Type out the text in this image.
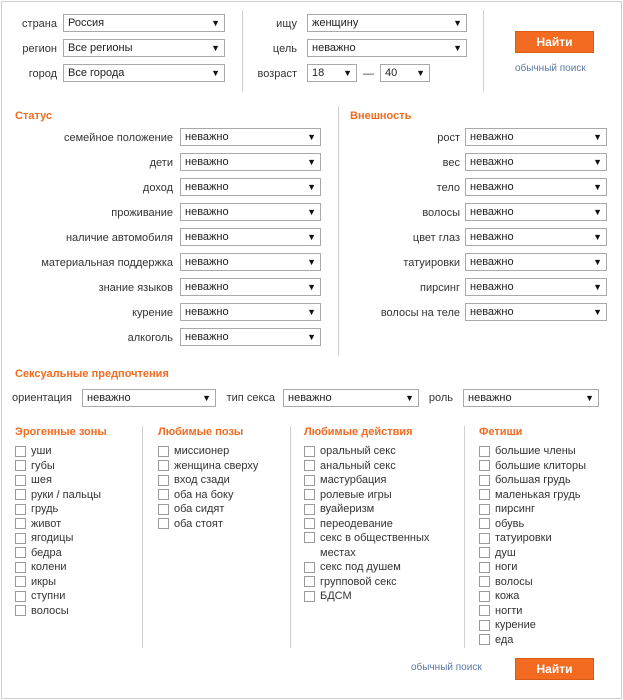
страна	Россия	▼
регион	Все регионы	▼
город	Все города	▼
ищу	женщину	▼
цель	неважно	▼
возраст	18 ▼ —	40 ▼
Найти
обычный поиск
Статус	Внешность
Сексуальные предпочтения
ориентация	неважно	▼ тип секса	неважно	▼ роль	неважно	▼
Эрогенные зоны
уши
губы
шея
руки / пальцы
грудь
живот
ягодицы
бедра
колени
икры
ступни
волосы
Любимые позы
миссионер
женщина сверху
вход сзади
оба на боку
оба сидят
оба стоят
Любимые действия
оральный секс
анальный секс
мастурбация
ролевые игры
вуайеризм
переодевание
секс в общественных местах
секс под душем
групповой секс
БДСМ
Фетиши
большие члены
большие клиторы
большая грудь
маленькая грудь
пирсинг
обувь
татуировки
душ
ноги
волосы
кожа
ногти
курение
еда
обычный поиск	Найти
семейное положение	неважно	▼
дети	неважно	▼
доход	неважно	▼
проживание	неважно	▼
наличие автомобиля	неважно	▼
материальная поддержка	неважно	▼
знание языков	неважно	▼
курение	неважно	▼
алкоголь	неважно	▼
рост неважно	▼
вес неважно	▼
тело неважно	▼
волосы неважно	▼
цвет глаз неважно	▼
татуировки неважно	▼
пирсинг неважно	▼
волосы на теле неважно	▼
